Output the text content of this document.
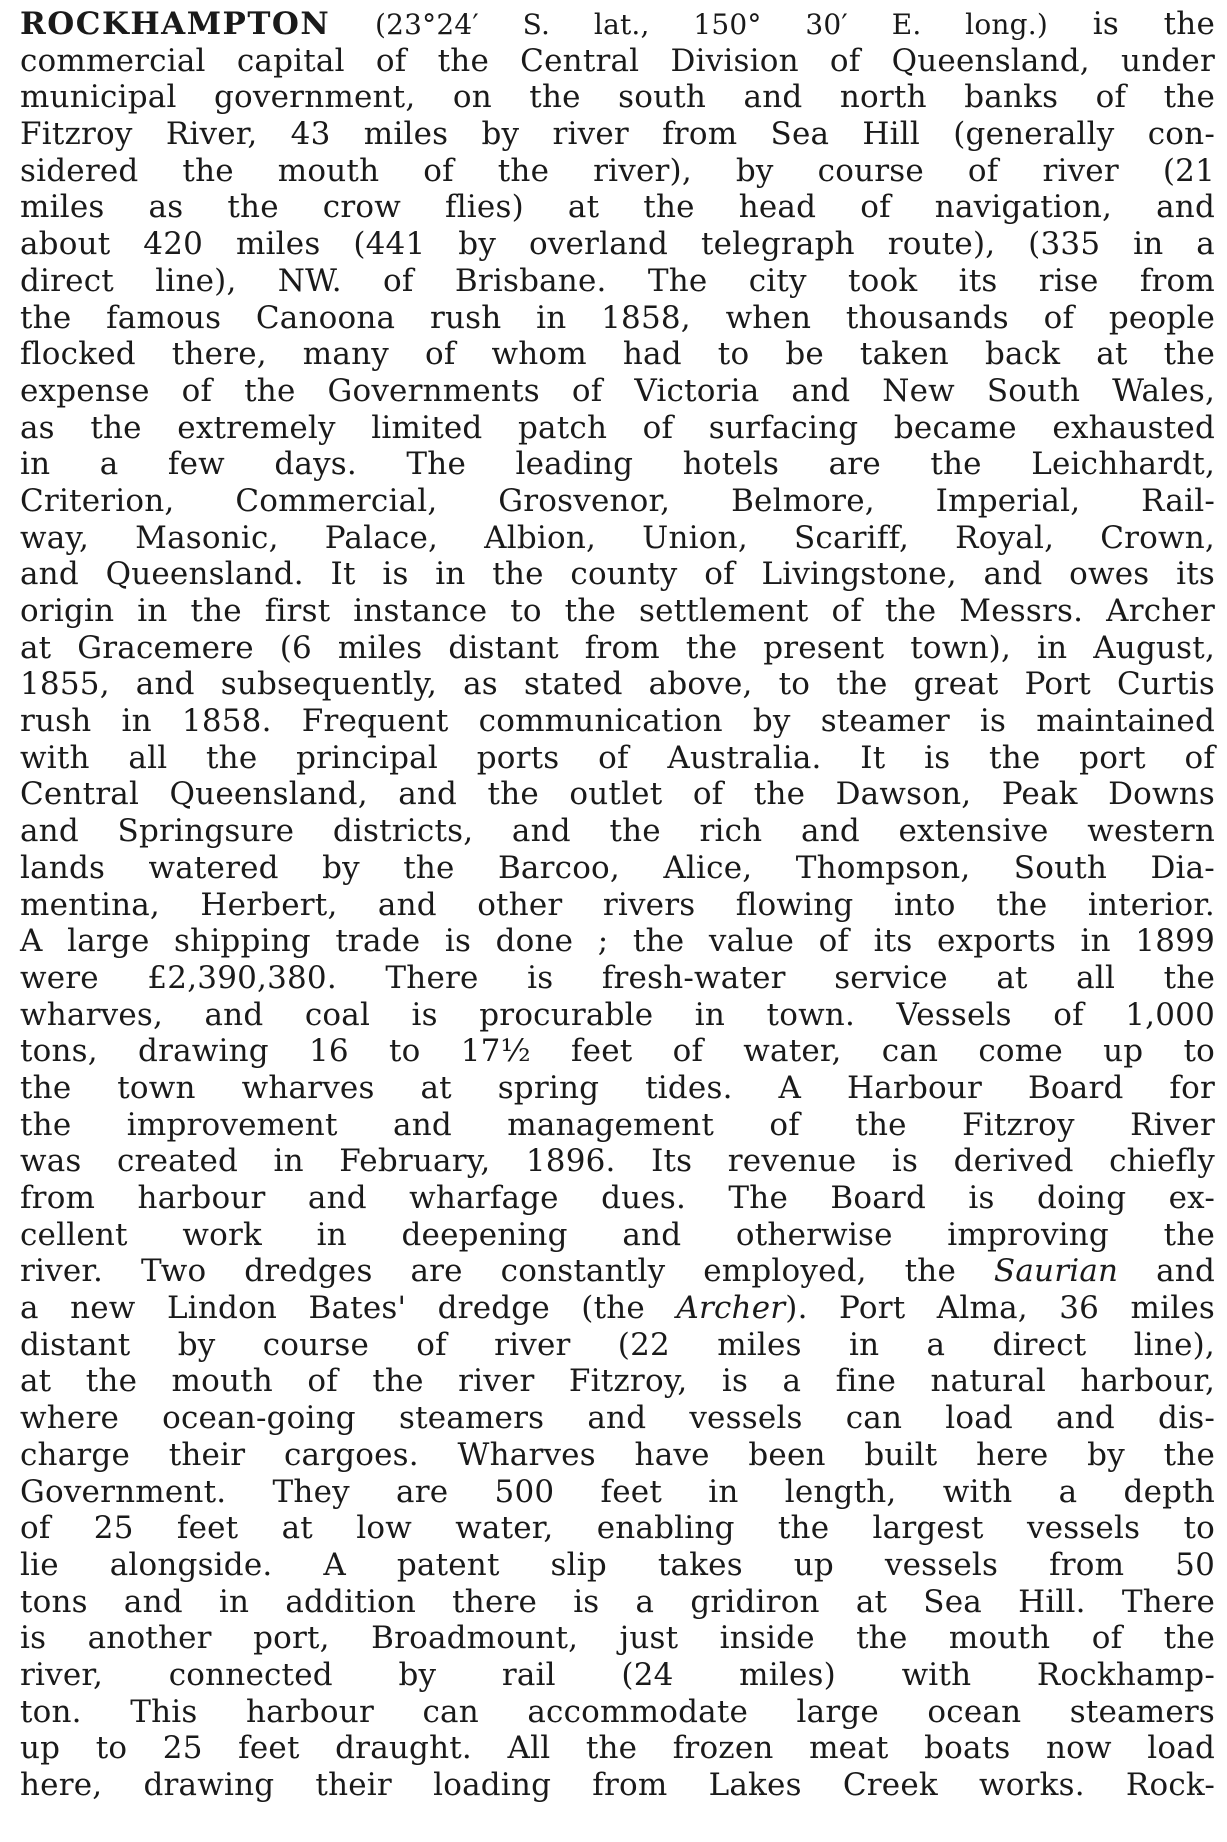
ROCKHAMPTON (23°24′ S. lat., 150° 30′ E. long.) is the
commercial capital of the Central Division of Queensland, under
municipal government, on the south and north banks of the
Fitzroy River, 43 miles by river from Sea Hill (generally con-
sidered the mouth of the river), by course of river (21
miles as the crow flies) at the head of navigation, and
about 420 miles (441 by overland telegraph route), (335 in a
direct line), NW. of Brisbane. The city took its rise from
the famous Canoona rush in 1858, when thousands of people
flocked there, many of whom had to be taken back at the
expense of the Governments of Victoria and New South Wales,
as the extremely limited patch of surfacing became exhausted
in a few days. The leading hotels are the Leichhardt,
Criterion, Commercial, Grosvenor, Belmore, Imperial, Rail-
way, Masonic, Palace, Albion, Union, Scariff, Royal, Crown,
and Queensland. It is in the county of Livingstone, and owes its
origin in the first instance to the settlement of the Messrs. Archer
at Gracemere (6 miles distant from the present town), in August,
1855, and subsequently, as stated above, to the great Port Curtis
rush in 1858. Frequent communication by steamer is maintained
with all the principal ports of Australia. It is the port of
Central Queensland, and the outlet of the Dawson, Peak Downs
and Springsure districts, and the rich and extensive western
lands watered by the Barcoo, Alice, Thompson, South Dia-
mentina, Herbert, and other rivers flowing into the interior.
A large shipping trade is done ; the value of its exports in 1899
were £2,390,380. There is fresh-water service at all the
wharves, and coal is procurable in town. Vessels of 1,000
tons, drawing 16 to 17½ feet of water, can come up to
the town wharves at spring tides. A Harbour Board for
the improvement and management of the Fitzroy River
was created in February, 1896. Its revenue is derived chiefly
from harbour and wharfage dues. The Board is doing ex-
cellent work in deepening and otherwise improving the
river. Two dredges are constantly employed, the Saurian and
a new Lindon Bates' dredge (the Archer). Port Alma, 36 miles
distant by course of river (22 miles in a direct line),
at the mouth of the river Fitzroy, is a fine natural harbour,
where ocean-going steamers and vessels can load and dis-
charge their cargoes. Wharves have been built here by the
Government. They are 500 feet in length, with a depth
of 25 feet at low water, enabling the largest vessels to
lie alongside. A patent slip takes up vessels from 50
tons and in addition there is a gridiron at Sea Hill. There
is another port, Broadmount, just inside the mouth of the
river, connected by rail (24 miles) with Rockhamp-
ton. This harbour can accommodate large ocean steamers
up to 25 feet draught. All the frozen meat boats now load
here, drawing their loading from Lakes Creek works. Rock-
